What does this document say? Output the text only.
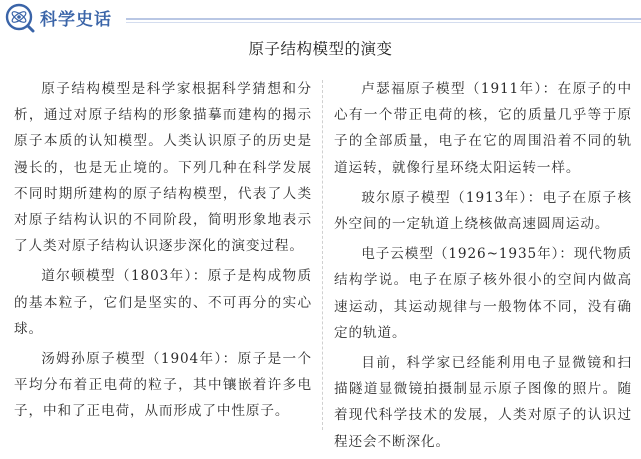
科学史话
原子结构模型的演变

原子结构模型是科学家根据科学猜想和分析，通过对原子结构的形象描摹而建构的揭示原子本质的认知模型。人类认识原子的历史是漫长的，也是无止境的。下列几种在科学发展不同时期所建构的原子结构模型，代表了人类对原子结构认识的不同阶段，简明形象地表示了人类对原子结构认识逐步深化的演变过程。

道尔顿模型（1803年）：原子是构成物质的基本粒子，它们是坚实的、不可再分的实心球。

汤姆孙原子模型（1904年）：原子是一个平均分布着正电荷的粒子，其中镶嵌着许多电子，中和了正电荷，从而形成了中性原子。

卢瑟福原子模型（1911年）：在原子的中心有一个带正电荷的核，它的质量几乎等于原子的全部质量，电子在它的周围沿着不同的轨道运转，就像行星环绕太阳运转一样。

玻尔原子模型（1913年）：电子在原子核外空间的一定轨道上绕核做高速圆周运动。

电子云模型（1926~1935年）：现代物质结构学说。电子在原子核外很小的空间内做高速运动，其运动规律与一般物体不同，没有确定的轨道。

目前，科学家已经能利用电子显微镜和扫描隧道显微镜拍摄制显示原子图像的照片。随着现代科学技术的发展，人类对原子的认识过程还会不断深化。
